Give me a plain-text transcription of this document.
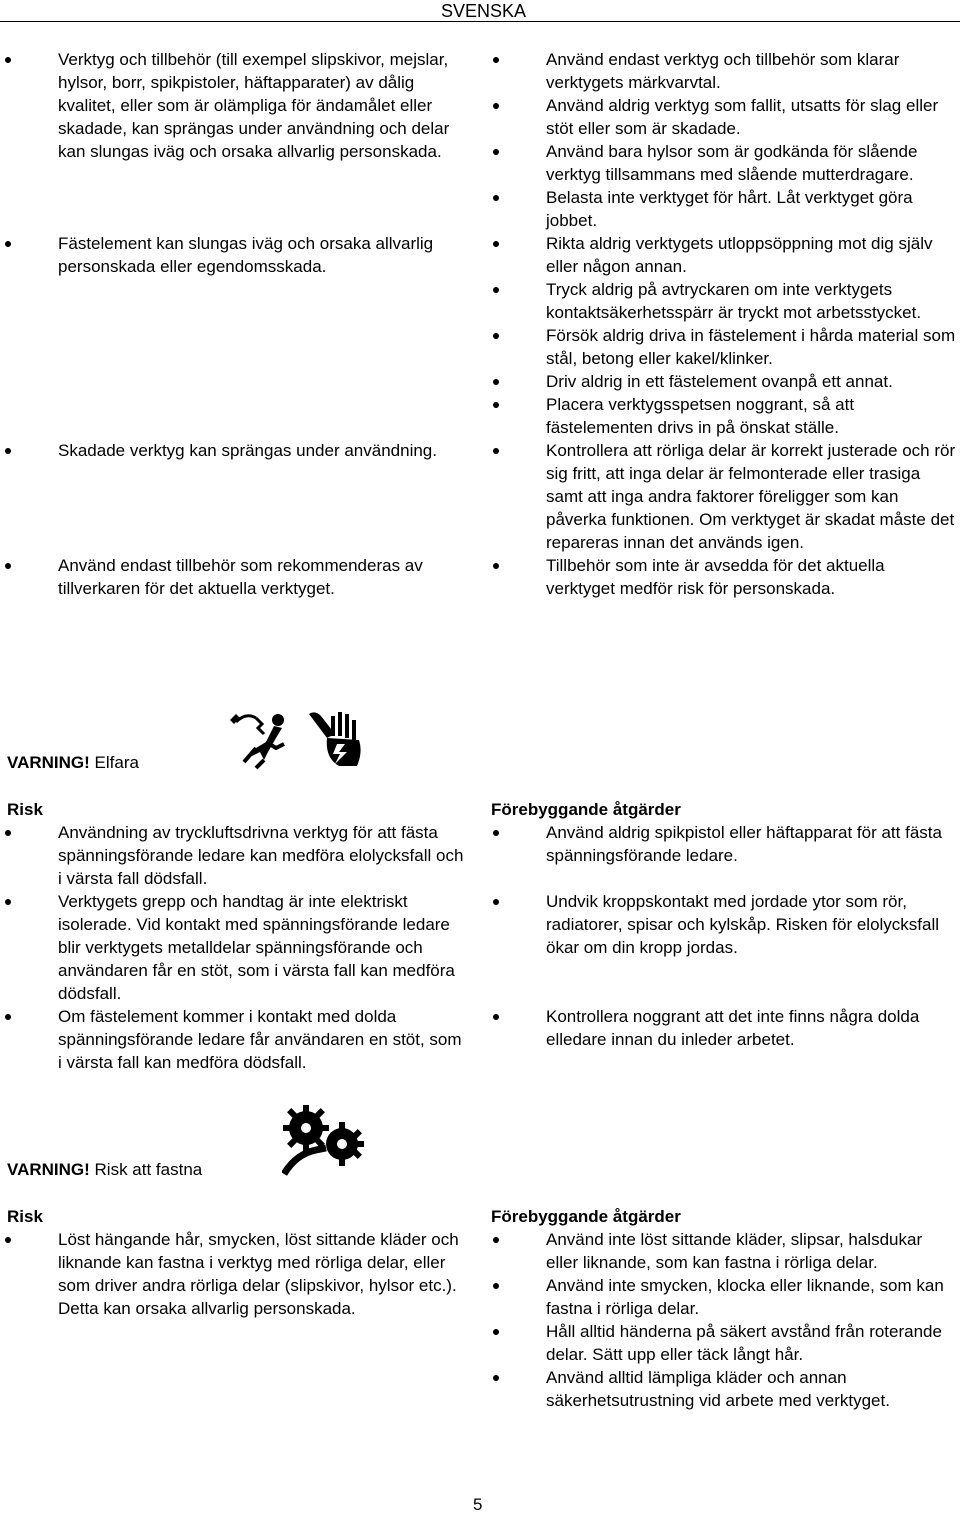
SVENSKA
Verktyg och tillbehör (till exempel slipskivor, mejslar, hylsor, borr, spikpistoler, häftapparater) av dålig kvalitet, eller som är olämpliga för ändamålet eller skadade, kan sprängas under användning och delar kan slungas iväg och orsaka allvarlig personskada.
Fästelement kan slungas iväg och orsaka allvarlig personskada eller egendomsskada.
Skadade verktyg kan sprängas under användning.
Använd endast tillbehör som rekommenderas av tillverkaren för det aktuella verktyget.
Använd endast verktyg och tillbehör som klarar verktygets märkvarvtal.
Använd aldrig verktyg som fallit, utsatts för slag eller stöt eller som är skadade.
Använd bara hylsor som är godkända för slående verktyg tillsammans med slående mutterdragare.
Belasta inte verktyget för hårt. Låt verktyget göra jobbet.
Rikta aldrig verktygets utloppsöppning mot dig själv eller någon annan.
Tryck aldrig på avtryckaren om inte verktygets kontaktsäkerhetsspärr är tryckt mot arbetsstycket.
Försök aldrig driva in fästelement i hårda material som stål, betong eller kakel/klinker.
Driv aldrig in ett fästelement ovanpå ett annat.
Placera verktygsspetsen noggrant, så att fästelementen drivs in på önskat ställe.
Kontrollera att rörliga delar är korrekt justerade och rör sig fritt, att inga delar är felmonterade eller trasiga samt att inga andra faktorer föreligger som kan påverka funktionen. Om verktyget är skadat måste det repareras innan det används igen.
Tillbehör som inte är avsedda för det aktuella verktyget medför risk för personskada.
VARNING! Elfara
Risk	Förebyggande åtgärder
Användning av tryckluftsdrivna verktyg för att fästa spänningsförande ledare kan medföra elolycksfall och i värsta fall dödsfall.
Verktygets grepp och handtag är inte elektriskt isolerade. Vid kontakt med spänningsförande ledare blir verktygets metalldelar spänningsförande och användaren får en stöt, som i värsta fall kan medföra dödsfall.
Om fästelement kommer i kontakt med dolda spänningsförande ledare får användaren en stöt, som i värsta fall kan medföra dödsfall.
Använd aldrig spikpistol eller häftapparat för att fästa spänningsförande ledare.
Undvik kroppskontakt med jordade ytor som rör, radiatorer, spisar och kylskåp. Risken för elolycksfall ökar om din kropp jordas.
Kontrollera noggrant att det inte finns några dolda elledare innan du inleder arbetet.
VARNING! Risk att fastna
Risk	Förebyggande åtgärder
Löst hängande hår, smycken, löst sittande kläder och liknande kan fastna i verktyg med rörliga delar, eller som driver andra rörliga delar (slipskivor, hylsor etc.). Detta kan orsaka allvarlig personskada.
Använd inte löst sittande kläder, slipsar, halsdukar eller liknande, som kan fastna i rörliga delar.
Använd inte smycken, klocka eller liknande, som kan fastna i rörliga delar.
Håll alltid händerna på säkert avstånd från roterande delar. Sätt upp eller täck långt hår.
Använd alltid lämpliga kläder och annan säkerhetsutrustning vid arbete med verktyget.
5
